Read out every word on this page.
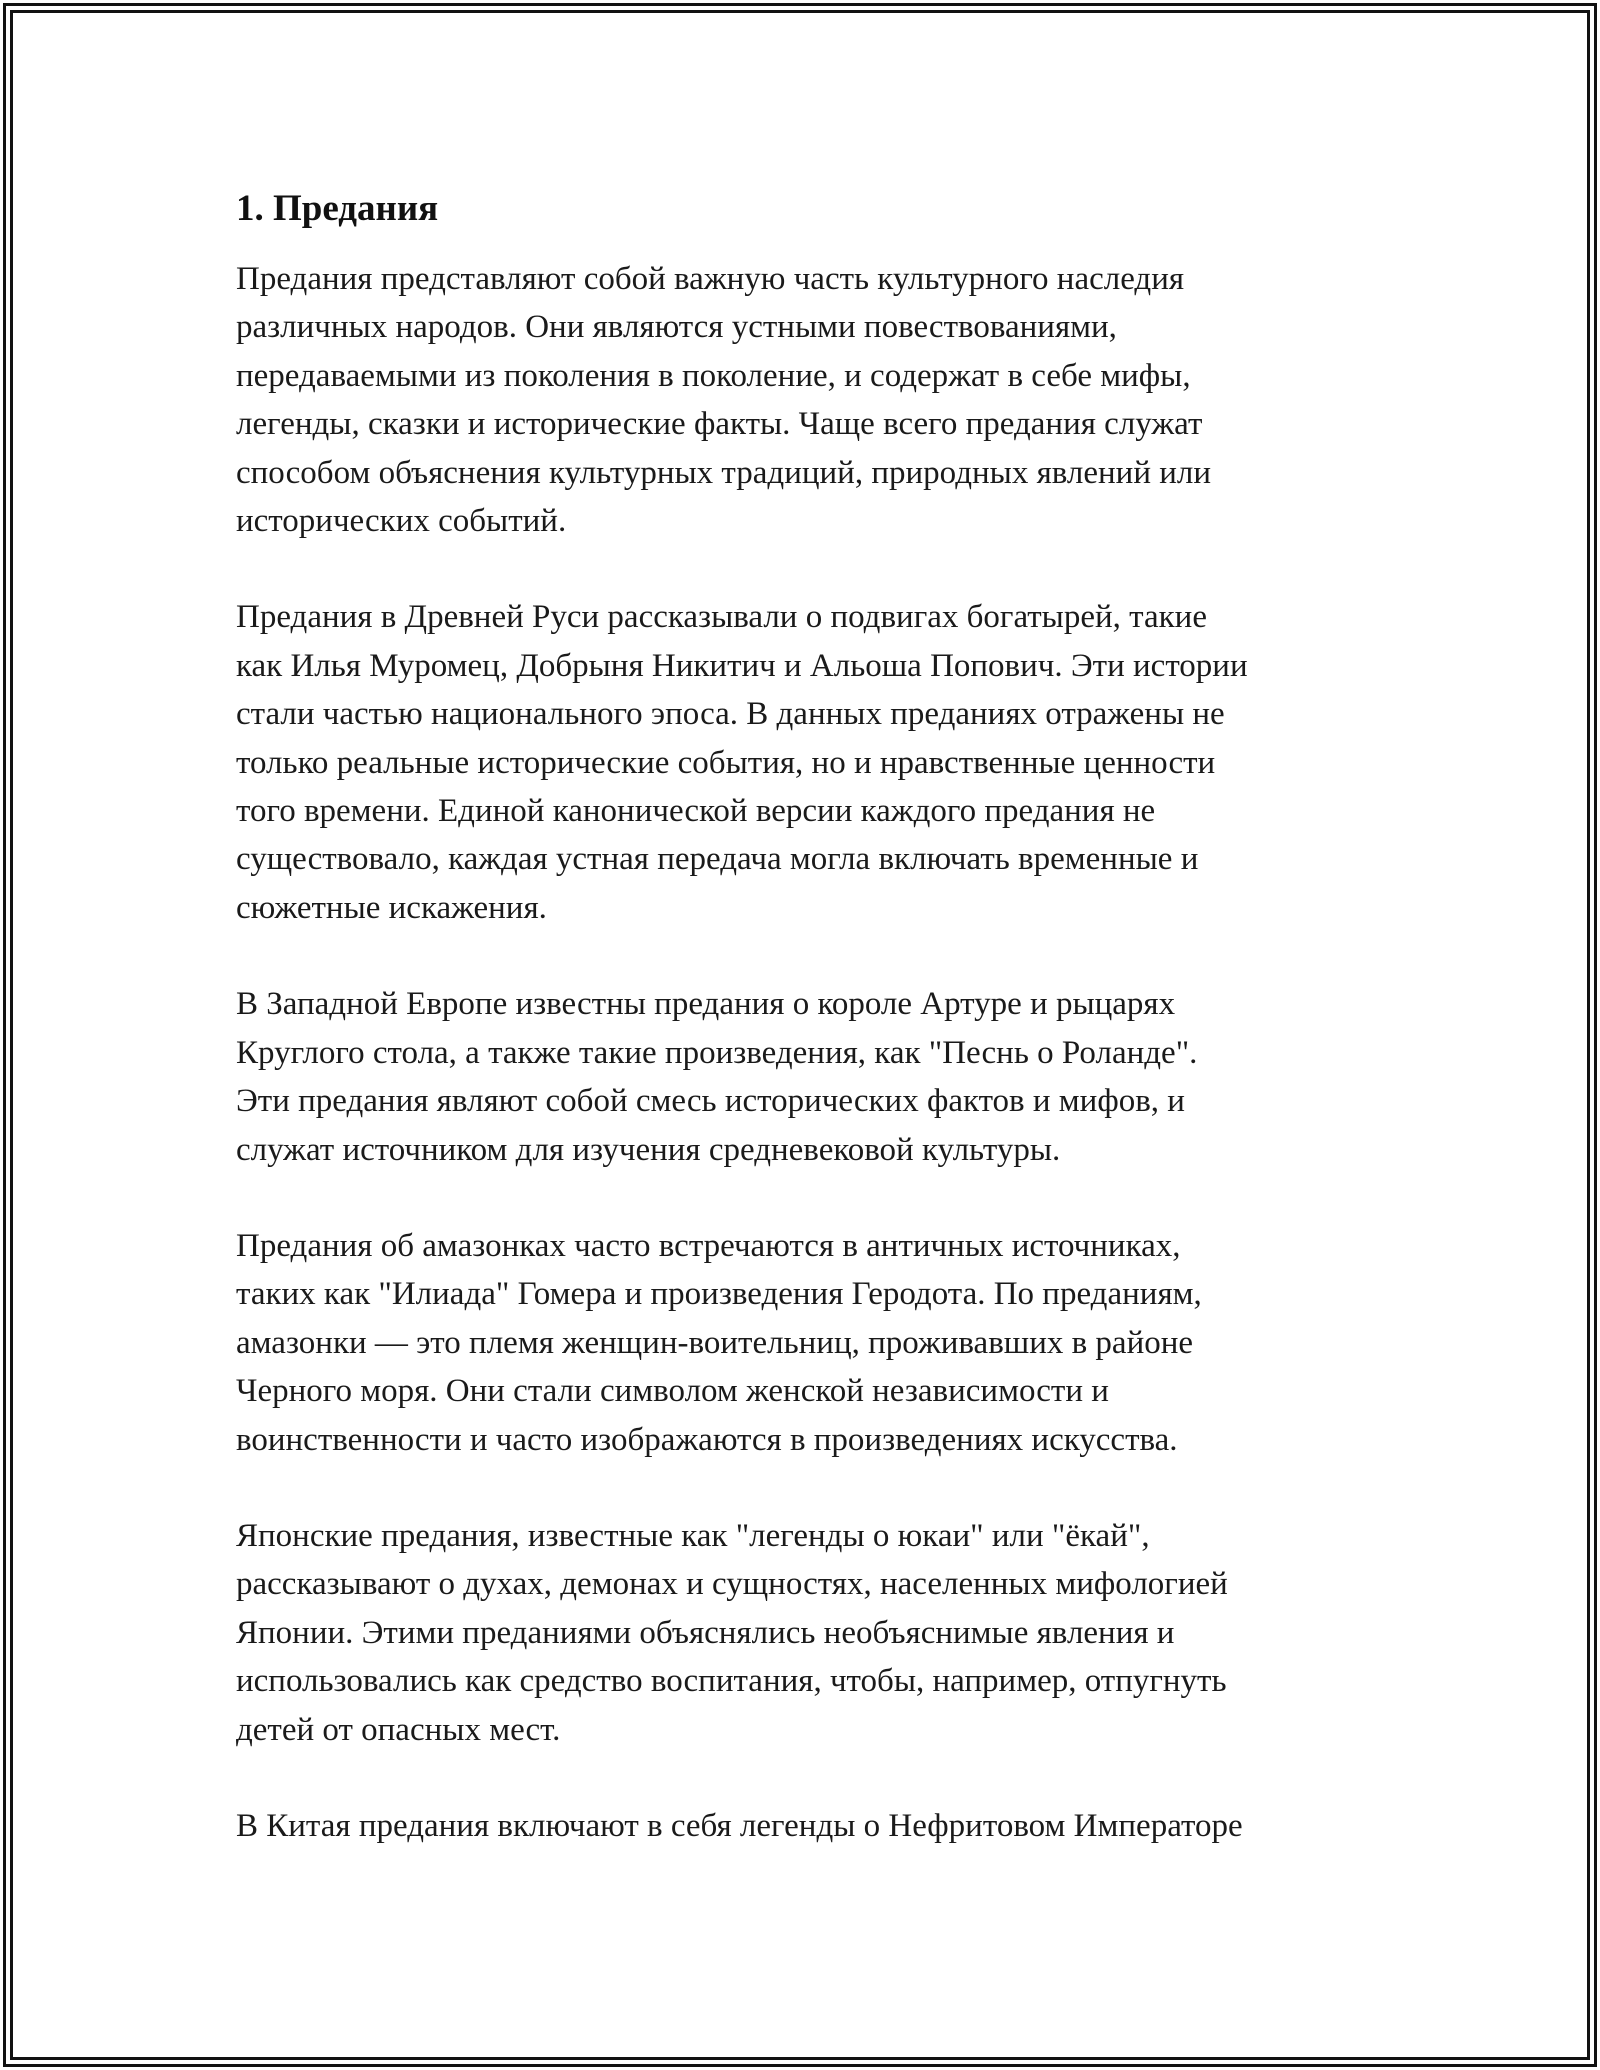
1. Предания

Предания представляют собой важную часть культурного наследия
различных народов. Они являются устными повествованиями,
передаваемыми из поколения в поколение, и содержат в себе мифы,
легенды, сказки и исторические факты. Чаще всего предания служат
способом объяснения культурных традиций, природных явлений или
исторических событий.

Предания в Древней Руси рассказывали о подвигах богатырей, такие
как Илья Муромец, Добрыня Никитич и Альоша Попович. Эти истории
стали частью национального эпоса. В данных преданиях отражены не
только реальные исторические события, но и нравственные ценности
того времени. Единой канонической версии каждого предания не
существовало, каждая устная передача могла включать временные и
сюжетные искажения.

В Западной Европе известны предания о короле Артуре и рыцарях
Круглого стола, а также такие произведения, как "Песнь о Роланде".
Эти предания являют собой смесь исторических фактов и мифов, и
служат источником для изучения средневековой культуры.

Предания об амазонках часто встречаются в античных источниках,
таких как "Илиада" Гомера и произведения Геродота. По преданиям,
амазонки — это племя женщин-воительниц, проживавших в районе
Черного моря. Они стали символом женской независимости и
воинственности и часто изображаются в произведениях искусства.

Японские предания, известные как "легенды о юкаи" или "ёкай",
рассказывают о духах, демонах и сущностях, населенных мифологией
Японии. Этими преданиями объяснялись необъяснимые явления и
использовались как средство воспитания, чтобы, например, отпугнуть
детей от опасных мест.

В Китая предания включают в себя легенды о Нефритовом Императоре
